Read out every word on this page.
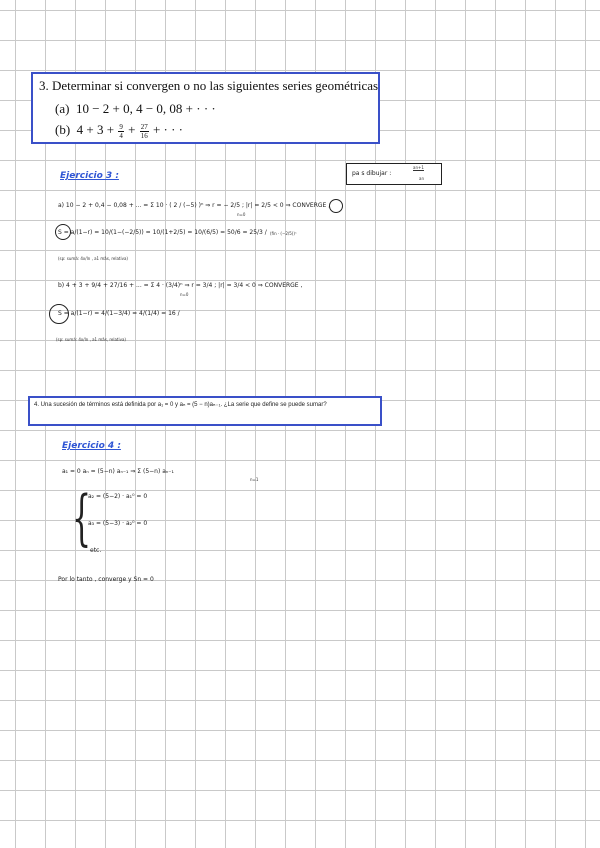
3. Determinar si convergen o no las siguientes series geométricas
(a) 10 − 2 + 0, 4 − 0, 08 + · · ·
(b) $4 + 3 + \frac{9}{4} + \frac{27}{16}$ + · · ·
Ejercicio 3 :	pa s dibujar :
an+1
an
a) 10 − 2 + 0,4 − 0,08 + ... = Σ 10 · ( 2 / (−5) )ⁿ ⇒ r = − 2/5 ; |r| = 2/5 < 0 ⇒ CONVERGE ,
n=0
S = a/(1−r) = 10/(1−(−2/5)) = 10/(1+2/5) = 10/(6/5) = 50/6 = 25/3 / (fin · (−2/5))ⁿ
(sp: sumá: 4x/ln , a1 mãs, relativa)
b) 4 + 3 + 9/4 + 27/16 + ... = Σ 4 · (3/4)ⁿ ⇒ r = 3/4 ; |r| = 3/4 < 0 ⇒ CONVERGE ,
n=0
S = a/(1−r) = 4/(1−3/4) = 4/(1/4) = 16 /
(sp: sumá: 4x/ln , a1 mãs, relativa)
4. Una sucesión de términos está definida por a₁ = 0 y aₙ = (5 − n)aₙ₋₁. ¿La serie que define se puede sumar?
Ejercicio 4 :
a₁ = 0 aₙ = (5−n) aₙ₋₁ ⇒ Σ (5−n) aₙ₋₁
n=1
{
a₂ = (5−2) · a₁⁰ = 0
a₃ = (5−3) · a₂⁰ = 0
etc.
Por lo tanto , converge y Sn = 0
